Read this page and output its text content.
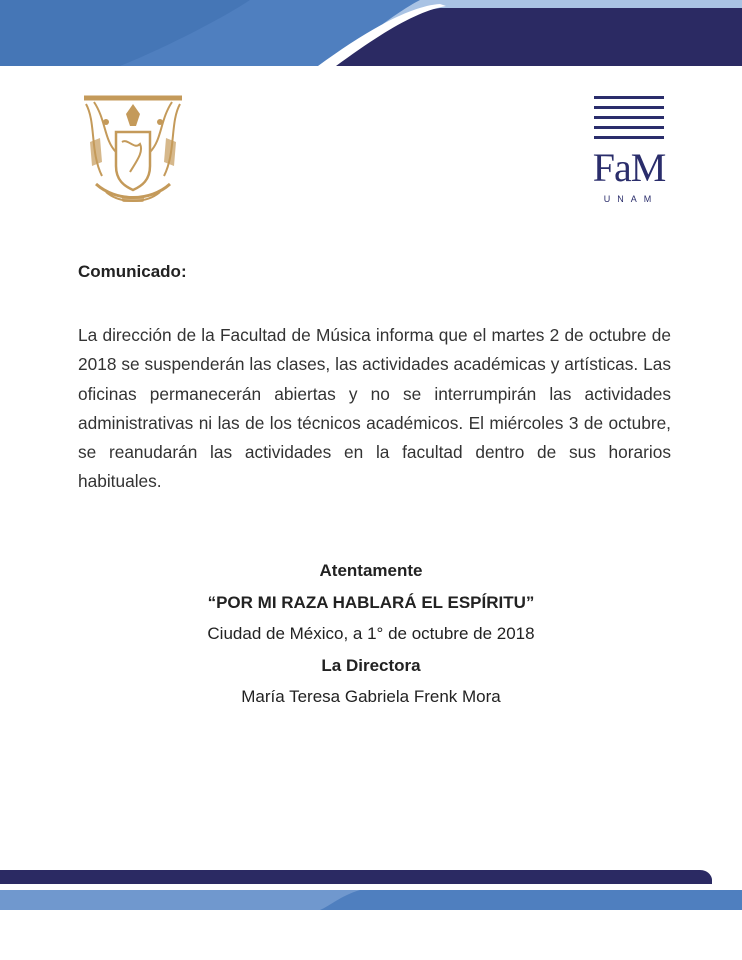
FaM
UNAM
Comunicado:
La dirección de la Facultad de Música informa que el martes 2 de octubre de 2018 se suspenderán las clases, las actividades académicas y artísticas. Las oficinas permanecerán abiertas y no se interrumpirán las actividades administrativas ni las de los técnicos académicos. El miércoles 3 de octubre, se reanudarán las actividades en la facultad dentro de sus horarios habituales.
Atentamente
“POR MI RAZA HABLARÁ EL ESPÍRITU”
Ciudad de México, a 1° de octubre de 2018
La Directora
María Teresa Gabriela Frenk Mora
